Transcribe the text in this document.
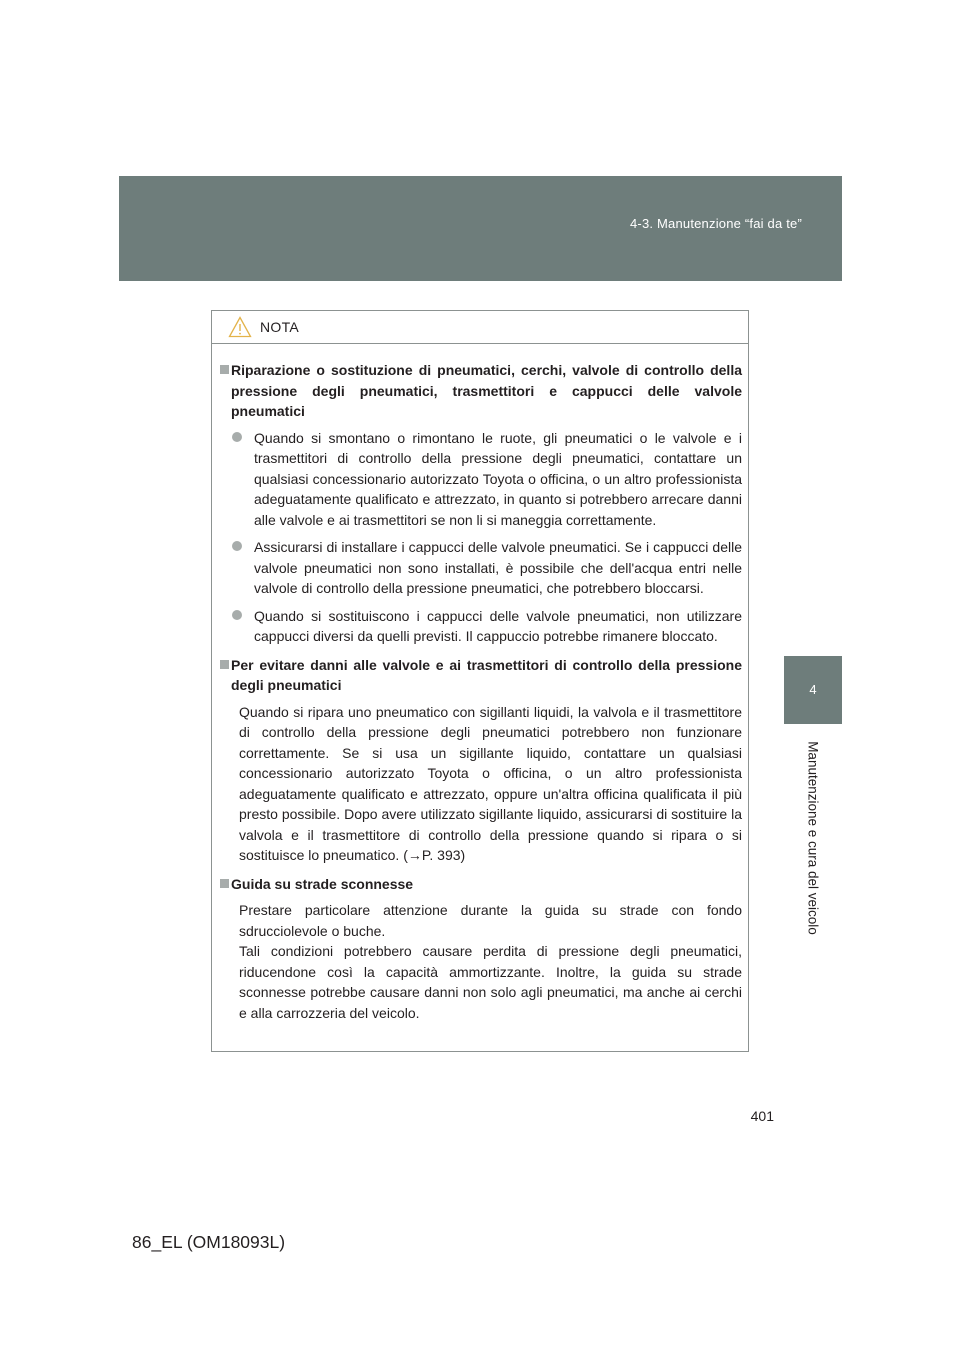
4-3. Manutenzione “fai da te”
4
Manutenzione e cura del veicolo
NOTA
Riparazione o sostituzione di pneumatici, cerchi, valvole di controllo della pressione degli pneumatici, trasmettitori e cappucci delle valvole pneumatici
Quando si smontano o rimontano le ruote, gli pneumatici o le valvole e i trasmettitori di controllo della pressione degli pneumatici, contattare un qualsiasi concessionario autorizzato Toyota o officina, o un altro professionista adeguatamente qualificato e attrezzato, in quanto si potrebbero arrecare danni alle valvole e ai trasmettitori se non li si maneggia correttamente.
Assicurarsi di installare i cappucci delle valvole pneumatici. Se i cappucci delle valvole pneumatici non sono installati, è possibile che dell'acqua entri nelle valvole di controllo della pressione pneumatici, che potrebbero bloccarsi.
Quando si sostituiscono i cappucci delle valvole pneumatici, non utilizzare cappucci diversi da quelli previsti. Il cappuccio potrebbe rimanere bloccato.
Per evitare danni alle valvole e ai trasmettitori di controllo della pressione degli pneumatici
Quando si ripara uno pneumatico con sigillanti liquidi, la valvola e il trasmettitore di controllo della pressione degli pneumatici potrebbero non funzionare correttamente. Se si usa un sigillante liquido, contattare un qualsiasi concessionario autorizzato Toyota o officina, o un altro professionista adeguatamente qualificato e attrezzato, oppure un'altra officina qualificata il più presto possibile. Dopo avere utilizzato sigillante liquido, assicurarsi di sostituire la valvola e il trasmettitore di controllo della pressione quando si ripara o si sostituisce lo pneumatico. (→P. 393)
Guida su strade sconnesse
Prestare particolare attenzione durante la guida su strade con fondo sdrucciolevole o buche.
Tali condizioni potrebbero causare perdita di pressione degli pneumatici, riducendone così la capacità ammortizzante. Inoltre, la guida su strade sconnesse potrebbe causare danni non solo agli pneumatici, ma anche ai cerchi e alla carrozzeria del veicolo.
401
86_EL (OM18093L)
